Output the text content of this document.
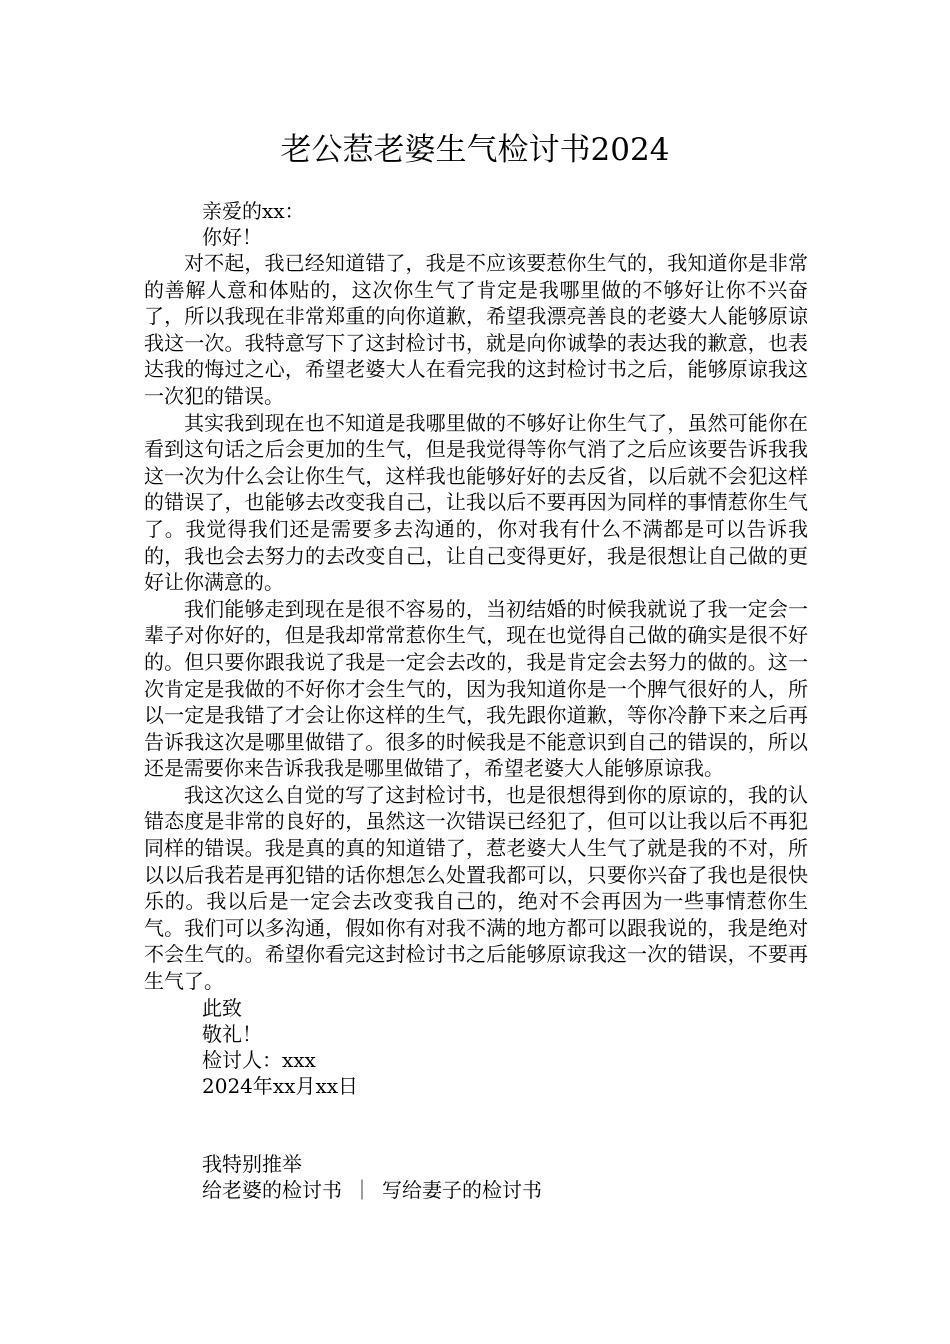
老公惹老婆生气检讨书2024
亲爱的xx：
你好！

对不起，我已经知道错了，我是不应该要惹你生气的，我知道你是非常的善解人意和体贴的，这次你生气了肯定是我哪里做的不够好让你不兴奋了，所以我现在非常郑重的向你道歉，希望我漂亮善良的老婆大人能够原谅我这一次。我特意写下了这封检讨书，就是向你诚挚的表达我的歉意，也表达我的悔过之心，希望老婆大人在看完我的这封检讨书之后，能够原谅我这一次犯的错误。

其实我到现在也不知道是我哪里做的不够好让你生气了，虽然可能你在看到这句话之后会更加的生气，但是我觉得等你气消了之后应该要告诉我我这一次为什么会让你生气，这样我也能够好好的去反省，以后就不会犯这样的错误了，也能够去改变我自己，让我以后不要再因为同样的事情惹你生气了。我觉得我们还是需要多去沟通的，你对我有什么不满都是可以告诉我的，我也会去努力的去改变自己，让自己变得更好，我是很想让自己做的更好让你满意的。

我们能够走到现在是很不容易的，当初结婚的时候我就说了我一定会一辈子对你好的，但是我却常常惹你生气，现在也觉得自己做的确实是很不好的。但只要你跟我说了我是一定会去改的，我是肯定会去努力的做的。这一次肯定是我做的不好你才会生气的，因为我知道你是一个脾气很好的人，所以一定是我错了才会让你这样的生气，我先跟你道歉，等你冷静下来之后再告诉我这次是哪里做错了。很多的时候我是不能意识到自己的错误的，所以还是需要你来告诉我我是哪里做错了，希望老婆大人能够原谅我。

我这次这么自觉的写了这封检讨书，也是很想得到你的原谅的，我的认错态度是非常的良好的，虽然这一次错误已经犯了，但可以让我以后不再犯同样的错误。我是真的真的知道错了，惹老婆大人生气了就是我的不对，所以以后我若是再犯错的话你想怎么处置我都可以，只要你兴奋了我也是很快乐的。我以后是一定会去改变我自己的，绝对不会再因为一些事情惹你生气。我们可以多沟通，假如你有对我不满的地方都可以跟我说的，我是绝对不会生气的。希望你看完这封检讨书之后能够原谅我这一次的错误，不要再生气了。

此致
敬礼！
检讨人：xxx
2024年xx月xx日
我特别推举
给老婆的检讨书 ｜ 写给妻子的检讨书
